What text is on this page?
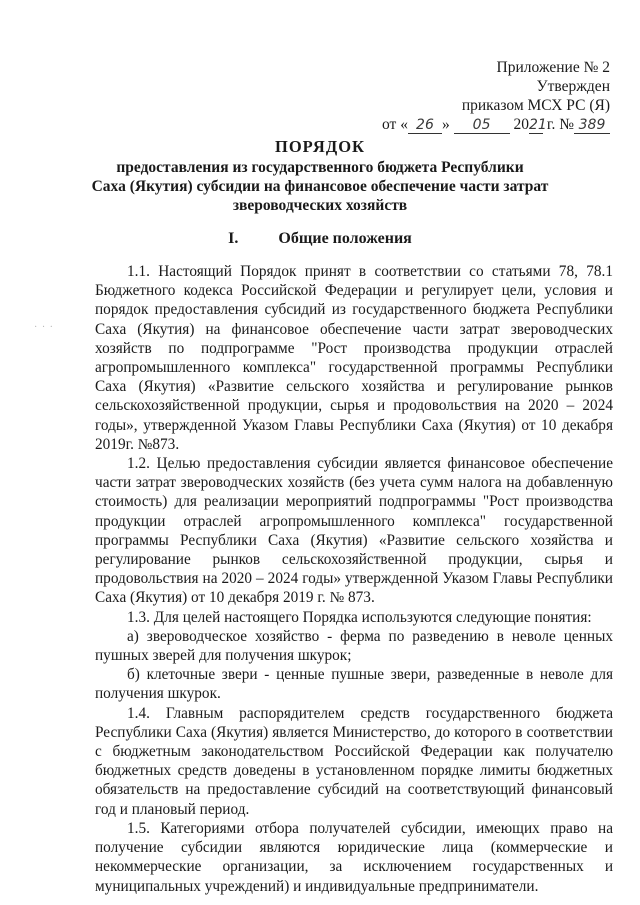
Приложение № 2
Утвержден
приказом МСХ РС (Я)
от « 26 » 05 2021 г. № 389
ПОРЯДОК
предоставления из государственного бюджета Республики
Саха (Якутия) субсидии на финансовое обеспечение части затрат
звероводческих хозяйств
I.	Общие положения
· · ·

1.1. Настоящий Порядок принят в соответствии со статьями 78, 78.1 Бюджетного кодекса Российской Федерации и регулирует цели, условия и порядок предоставления субсидий из государственного бюджета Республики Саха (Якутия) на финансовое обеспечение части затрат звероводческих хозяйств по подпрограмме "Рост производства продукции отраслей агропромышленного комплекса" государственной программы Республики Саха (Якутия) «Развитие сельского хозяйства и регулирование рынков сельскохозяйственной продукции, сырья и продовольствия на 2020 – 2024 годы», утвержденной Указом Главы Республики Саха (Якутия) от 10 декабря 2019г. №873.

1.2. Целью предоставления субсидии является финансовое обеспечение части затрат звероводческих хозяйств (без учета сумм налога на добавленную стоимость) для реализации мероприятий подпрограммы "Рост производства продукции отраслей агропромышленного комплекса" государственной программы Республики Саха (Якутия) «Развитие сельского хозяйства и регулирование рынков сельскохозяйственной продукции, сырья и продовольствия на 2020 – 2024 годы» утвержденной Указом Главы Республики Саха (Якутия) от 10 декабря 2019 г. № 873.

1.3. Для целей настоящего Порядка используются следующие понятия:

а) звероводческое хозяйство - ферма по разведению в неволе ценных пушных зверей для получения шкурок;

б) клеточные звери - ценные пушные звери, разведенные в неволе для получения шкурок.

1.4. Главным распорядителем средств государственного бюджета Республики Саха (Якутия) является Министерство, до которого в соответствии с бюджетным законодательством Российской Федерации как получателю бюджетных средств доведены в установленном порядке лимиты бюджетных обязательств на предоставление субсидий на соответствующий финансовый год и плановый период.

1.5. Категориями отбора получателей субсидии, имеющих право на получение субсидии являются юридические лица (коммерческие и некоммерческие организации, за исключением государственных и муниципальных учреждений) и индивидуальные предприниматели.
